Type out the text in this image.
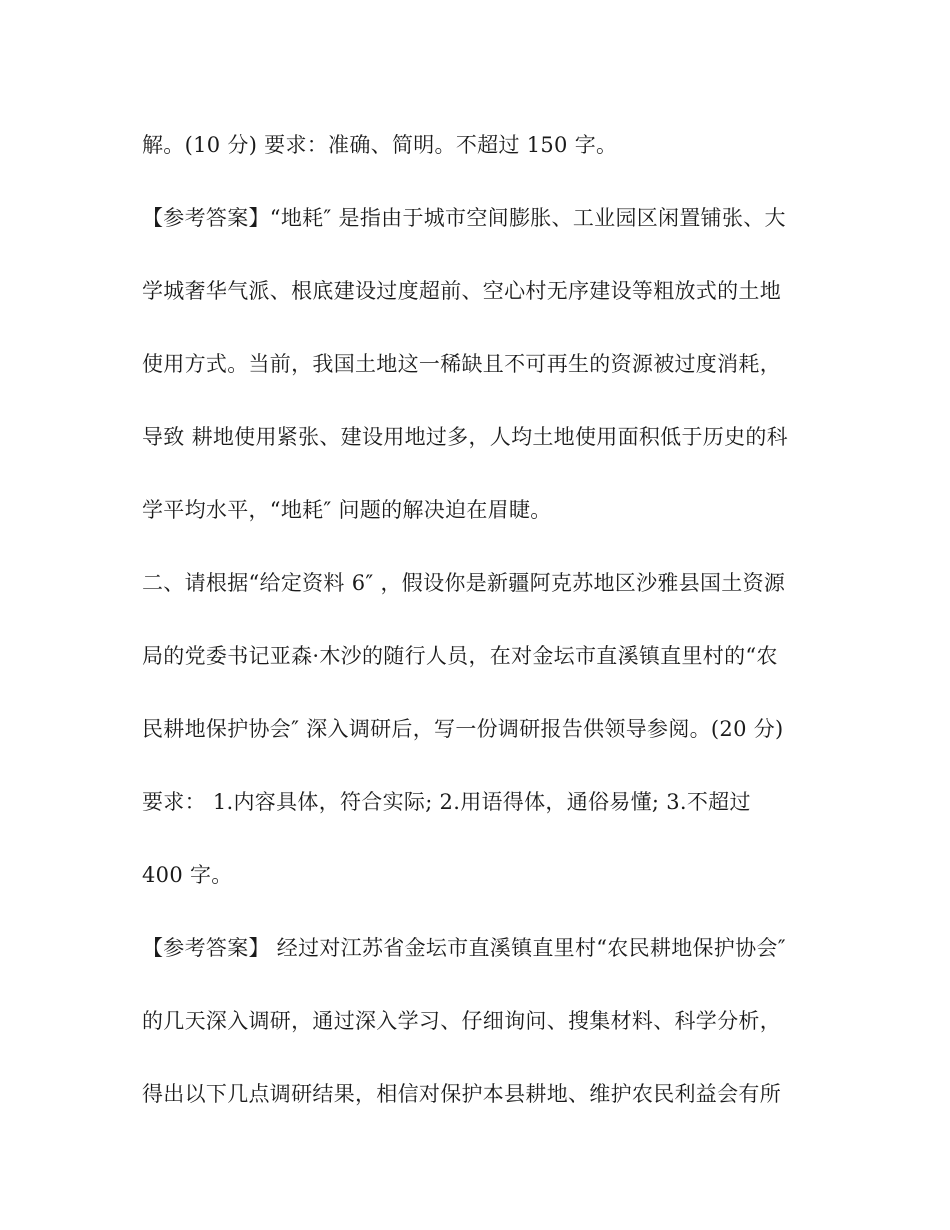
解。(10 分) 要求：准确、简明。不超过 150 字。
【参考答案】“地耗″ 是指由于城市空间膨胀、工业园区闲置铺张、大
学城奢华气派、根底建设过度超前、空心村无序建设等粗放式的土地
使用方式。当前，我国土地这一稀缺且不可再生的资源被过度消耗，
导致 耕地使用紧张、建设用地过多，人均土地使用面积低于历史的科
学平均水平，“地耗″ 问题的解决迫在眉睫。
二、请根据“给定资料 6″ ，假设你是新疆阿克苏地区沙雅县国土资源
局的党委书记亚森·木沙的随行人员，在对金坛市直溪镇直里村的“农
民耕地保护协会″ 深入调研后，写一份调研报告供领导参阅。(20 分)
要求： 1.内容具体，符合实际; 2.用语得体，通俗易懂; 3.不超过
400 字。
【参考答案】 经过对江苏省金坛市直溪镇直里村“农民耕地保护协会″
的几天深入调研，通过深入学习、仔细询问、搜集材料、科学分析，
得出以下几点调研结果，相信对保护本县耕地、维护农民利益会有所
